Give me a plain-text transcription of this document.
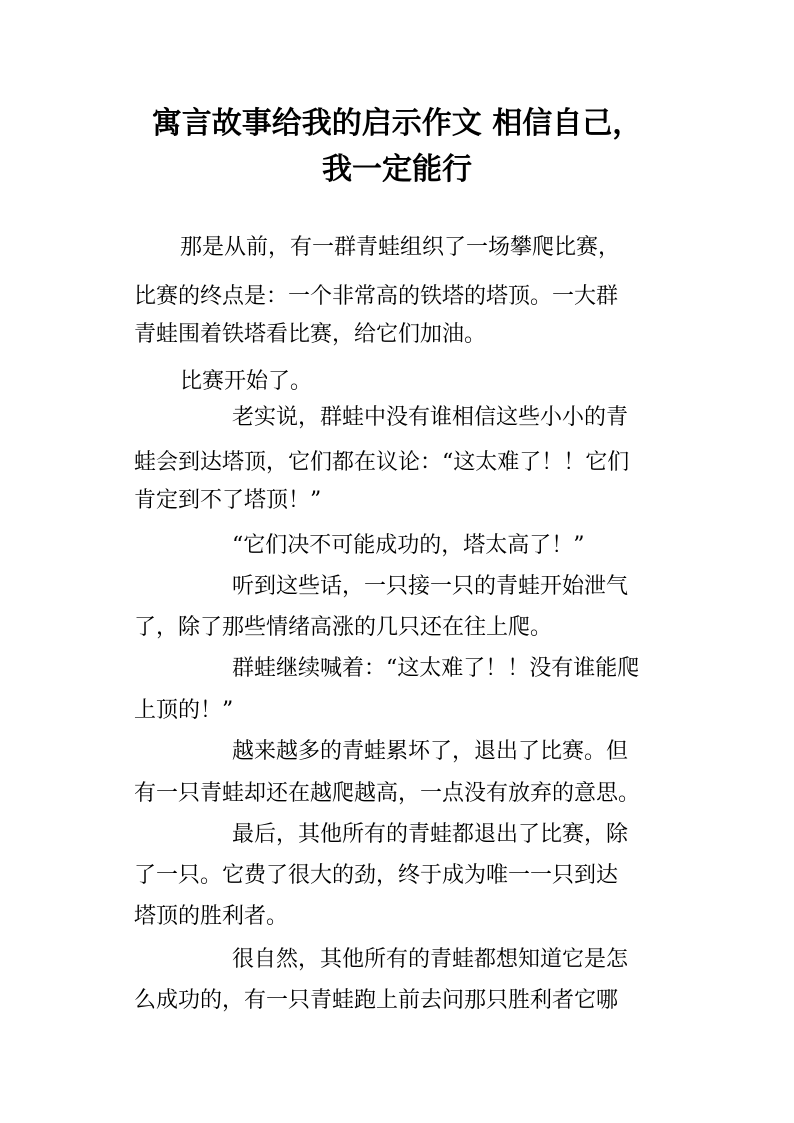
寓言故事给我的启示作文 相信自己，
我一定能行
那是从前，有一群青蛙组织了一场攀爬比赛，
比赛的终点是：一个非常高的铁塔的塔顶。一大群
青蛙围着铁塔看比赛，给它们加油。
比赛开始了。
老实说，群蛙中没有谁相信这些小小的青
蛙会到达塔顶，它们都在议论：“这太难了！！它们
肯定到不了塔顶！”
“它们决不可能成功的，塔太高了！”
听到这些话，一只接一只的青蛙开始泄气
了，除了那些情绪高涨的几只还在往上爬。
群蛙继续喊着：“这太难了！！没有谁能爬
上顶的！”
越来越多的青蛙累坏了，退出了比赛。但
有一只青蛙却还在越爬越高，一点没有放弃的意思。
最后，其他所有的青蛙都退出了比赛，除
了一只。它费了很大的劲，终于成为唯一一只到达
塔顶的胜利者。
很自然，其他所有的青蛙都想知道它是怎
么成功的，有一只青蛙跑上前去问那只胜利者它哪
